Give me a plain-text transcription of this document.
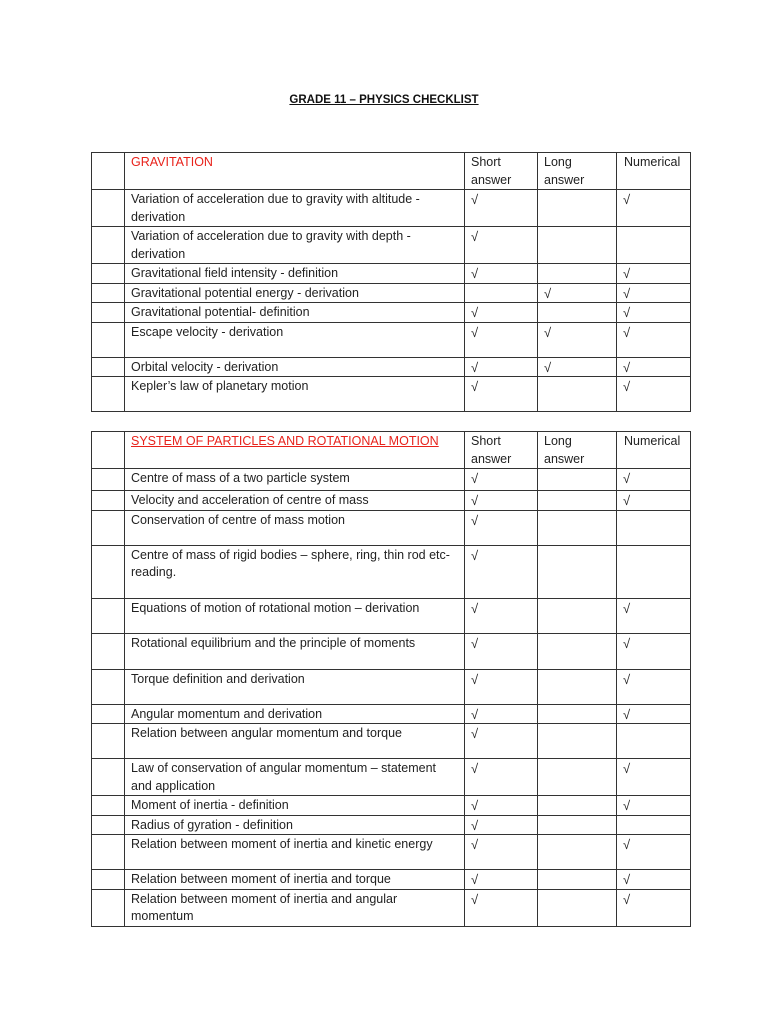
GRADE 11 – PHYSICS CHECKLIST
	GRAVITATION	Short answer	Long answer	Numerical
	Variation of acceleration due to gravity with altitude - derivation	√		√
	Variation of acceleration due to gravity with depth - derivation	√		
	Gravitational field intensity - definition	√		√
	Gravitational potential energy - derivation		√	√
	Gravitational potential- definition	√		√
	Escape velocity - derivation	√	√	√
	Orbital velocity - derivation	√	√	√
	Kepler’s law of planetary motion	√		√
	SYSTEM OF PARTICLES AND ROTATIONAL MOTION	Short answer	Long answer	Numerical
	Centre of mass of a two particle system	√		√
	Velocity and acceleration of centre of mass	√		√
	Conservation of centre of mass motion	√		
	Centre of mass of rigid bodies – sphere, ring, thin rod etc- reading.	√		
	Equations of motion of rotational motion – derivation	√		√
	Rotational equilibrium and the principle of moments	√		√
	Torque definition and derivation	√		√
	Angular momentum and derivation	√		√
	Relation between angular momentum and torque	√		
	Law of conservation of angular momentum – statement and application	√		√
	Moment of inertia - definition	√		√
	Radius of gyration - definition	√		
	Relation between moment of inertia and kinetic energy	√		√
	Relation between moment of inertia and torque	√		√
	Relation between moment of inertia and angular momentum	√		√
